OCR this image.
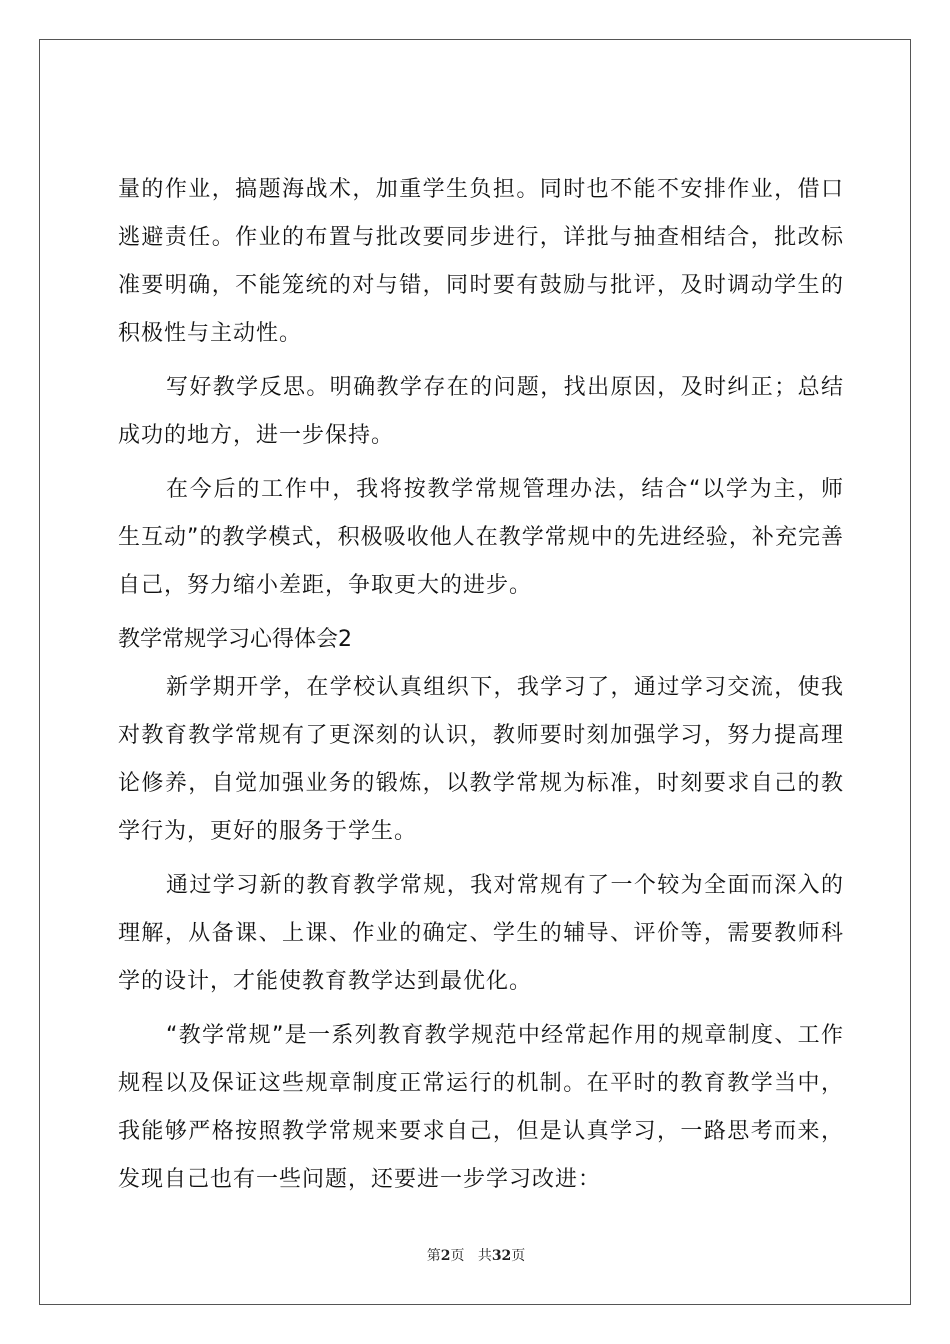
量的作业，搞题海战术，加重学生负担。同时也不能不安排作业，借口逃避责任。作业的布置与批改要同步进行，详批与抽查相结合，批改标准要明确，不能笼统的对与错，同时要有鼓励与批评，及时调动学生的积极性与主动性。

写好教学反思。明确教学存在的问题，找出原因，及时纠正；总结成功的地方，进一步保持。

在今后的工作中，我将按教学常规管理办法，结合“以学为主，师生互动”的教学模式，积极吸收他人在教学常规中的先进经验，补充完善自己，努力缩小差距，争取更大的进步。

教学常规学习心得体会2

新学期开学，在学校认真组织下，我学习了，通过学习交流，使我对教育教学常规有了更深刻的认识，教师要时刻加强学习，努力提高理论修养，自觉加强业务的锻炼，以教学常规为标准，时刻要求自己的教学行为，更好的服务于学生。

通过学习新的教育教学常规，我对常规有了一个较为全面而深入的理解，从备课、上课、作业的确定、学生的辅导、评价等，需要教师科学的设计，才能使教育教学达到最优化。

“教学常规”是一系列教育教学规范中经常起作用的规章制度、工作规程以及保证这些规章制度正常运行的机制。在平时的教育教学当中，我能够严格按照教学常规来要求自己，但是认真学习，一路思考而来，发现自己也有一些问题，还要进一步学习改进：

第2页 共32页
